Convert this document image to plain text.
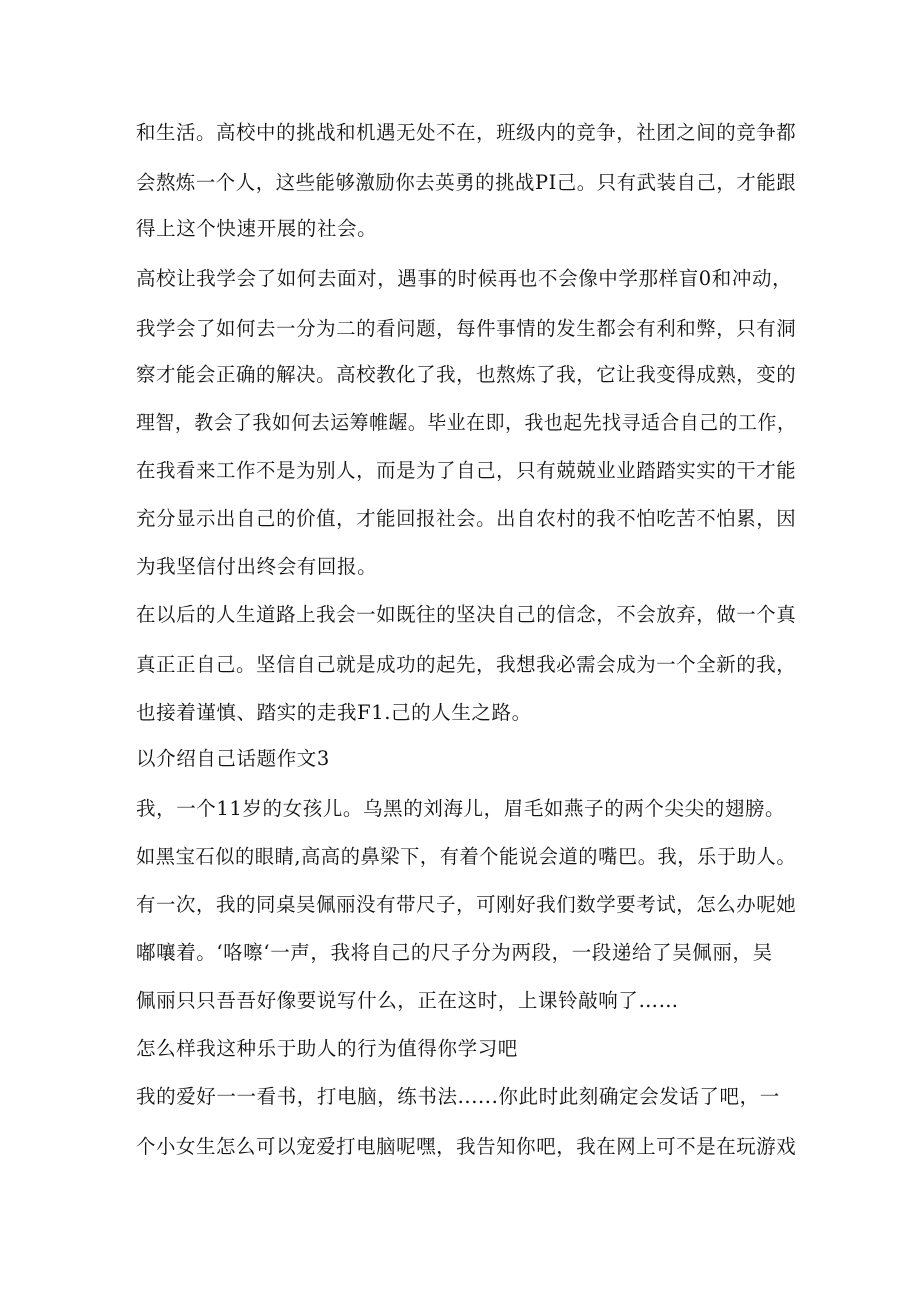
和生活。高校中的挑战和机遇无处不在，班级内的竞争，社团之间的竞争都
会熬炼一个人，这些能够激励你去英勇的挑战PI己。只有武装自己，才能跟
得上这个快速开展的社会。
高校让我学会了如何去面对，遇事的时候再也不会像中学那样盲0和冲动，
我学会了如何去一分为二的看问题，每件事情的发生都会有利和弊，只有洞
察才能会正确的解决。高校教化了我，也熬炼了我，它让我变得成熟，变的
理智，教会了我如何去运筹帷龌。毕业在即，我也起先找寻适合自己的工作，
在我看来工作不是为别人，而是为了自己，只有兢兢业业踏踏实实的干才能
充分显示出自己的价值，才能回报社会。出自农村的我不怕吃苦不怕累，因
为我坚信付出终会有回报。
在以后的人生道路上我会一如既往的坚决自己的信念，不会放弃，做一个真
真正正自己。坚信自己就是成功的起先，我想我必需会成为一个全新的我，
也接着谨慎、踏实的走我F1.己的人生之路。
以介绍自己话题作文3
我，一个11岁的女孩儿。乌黑的刘海儿，眉毛如燕子的两个尖尖的翅膀。
如黑宝石似的眼睛,高高的鼻梁下，有着个能说会道的嘴巴。我，乐于助人。
有一次，我的同桌吴佩丽没有带尺子，可刚好我们数学要考试，怎么办呢她
嘟嚷着。‘咯嚓‘一声，我将自己的尺子分为两段，一段递给了吴佩丽，吴
佩丽只只吾吾好像要说写什么，正在这时，上课铃敲响了……
怎么样我这种乐于助人的行为值得你学习吧
我的爱好一一看书，打电脑，练书法......你此时此刻确定会发话了吧，一
个小女生怎么可以宠爱打电脑呢嘿，我告知你吧，我在网上可不是在玩游戏
